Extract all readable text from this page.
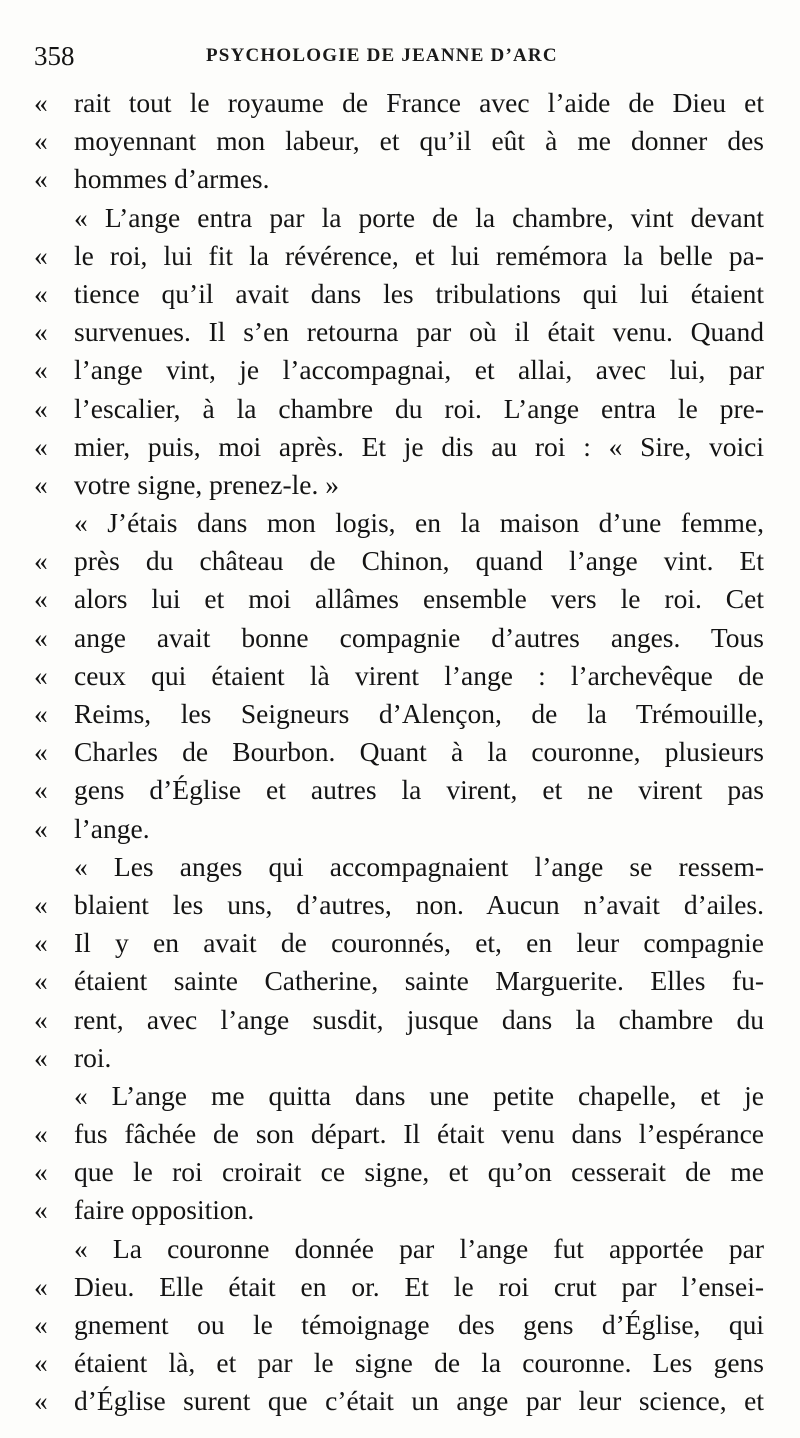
358	PSYCHOLOGIE DE JEANNE D’ARC
« rait tout le royaume de France avec l’aide de Dieu et
« moyennant mon labeur, et qu’il eût à me donner des
« hommes d’armes.
« L’ange entra par la porte de la chambre, vint devant
« le roi, lui fit la révérence, et lui remémora la belle pa-
« tience qu’il avait dans les tribulations qui lui étaient
« survenues. Il s’en retourna par où il était venu. Quand
« l’ange vint, je l’accompagnai, et allai, avec lui, par
« l’escalier, à la chambre du roi. L’ange entra le pre-
« mier, puis, moi après. Et je dis au roi : « Sire, voici
« votre signe, prenez-le. »
« J’étais dans mon logis, en la maison d’une femme,
« près du château de Chinon, quand l’ange vint. Et
« alors lui et moi allâmes ensemble vers le roi. Cet
« ange avait bonne compagnie d’autres anges. Tous
« ceux qui étaient là virent l’ange : l’archevêque de
« Reims, les Seigneurs d’Alençon, de la Trémouille,
« Charles de Bourbon. Quant à la couronne, plusieurs
« gens d’Église et autres la virent, et ne virent pas
« l’ange.
« Les anges qui accompagnaient l’ange se ressem-
« blaient les uns, d’autres, non. Aucun n’avait d’ailes.
« Il y en avait de couronnés, et, en leur compagnie
« étaient sainte Catherine, sainte Marguerite. Elles fu-
« rent, avec l’ange susdit, jusque dans la chambre du
« roi.
« L’ange me quitta dans une petite chapelle, et je
« fus fâchée de son départ. Il était venu dans l’espérance
« que le roi croirait ce signe, et qu’on cesserait de me
« faire opposition.
« La couronne donnée par l’ange fut apportée par
« Dieu. Elle était en or. Et le roi crut par l’ensei-
« gnement ou le témoignage des gens d’Église, qui
« étaient là, et par le signe de la couronne. Les gens
« d’Église surent que c’était un ange par leur science, et
